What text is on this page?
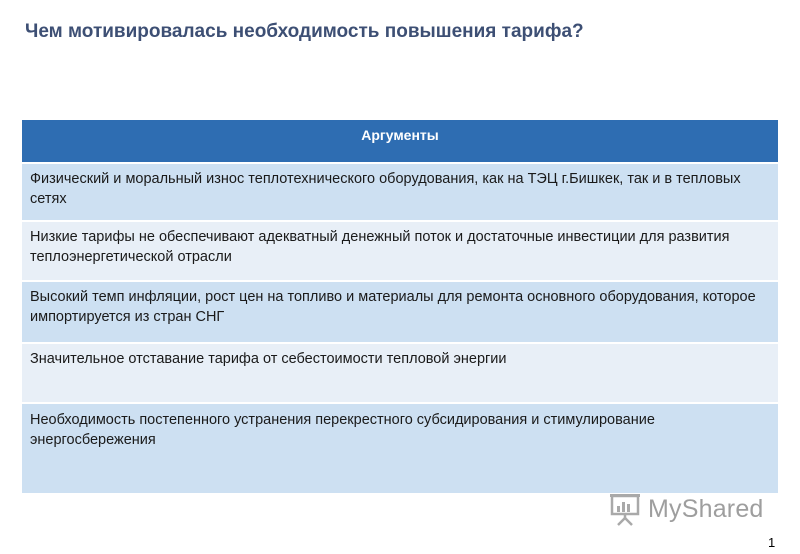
Чем мотивировалась необходимость повышения тарифа?
Аргументы
Физический и моральный износ теплотехнического оборудования, как на ТЭЦ г.Бишкек, так и в тепловых сетях
Низкие тарифы не обеспечивают адекватный денежный поток и достаточные инвестиции для развития теплоэнергетической отрасли
Высокий темп инфляции, рост цен на топливо и материалы для ремонта основного оборудования, которое импортируется из стран СНГ
Значительное отставание тарифа от себестоимости тепловой энергии
Необходимость постепенного устранения перекрестного субсидирования и стимулирование энергосбережения
MyShared
1
